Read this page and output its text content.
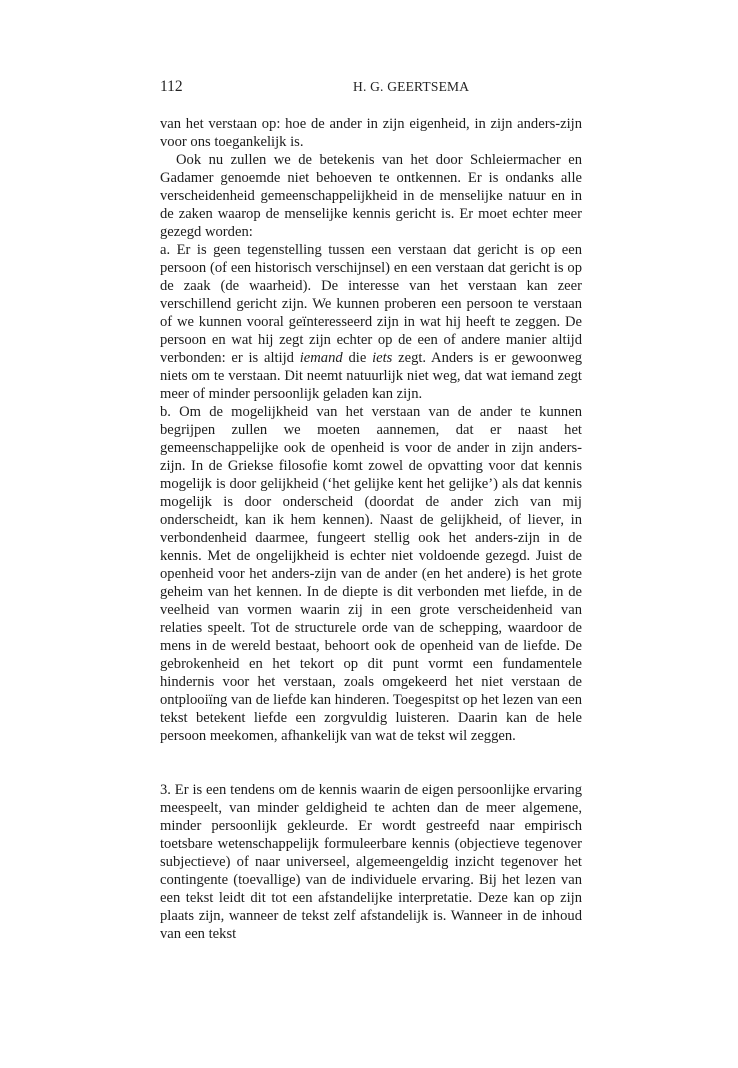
112	H. G. GEERTSEMA

van het verstaan op: hoe de ander in zijn eigenheid, in zijn anders-zijn voor ons toegankelijk is.

Ook nu zullen we de betekenis van het door Schleiermacher en Gadamer genoemde niet behoeven te ontkennen. Er is ondanks alle verscheidenheid gemeenschappelijkheid in de menselijke natuur en in de zaken waarop de menselijke kennis gericht is. Er moet echter meer gezegd worden:

a. Er is geen tegenstelling tussen een verstaan dat gericht is op een persoon (of een historisch verschijnsel) en een verstaan dat gericht is op de zaak (de waarheid). De interesse van het verstaan kan zeer verschillend gericht zijn. We kunnen proberen een persoon te verstaan of we kunnen vooral geïnteresseerd zijn in wat hij heeft te zeggen. De persoon en wat hij zegt zijn echter op de een of andere manier altijd verbonden: er is altijd iemand die iets zegt. Anders is er gewoonweg niets om te verstaan. Dit neemt natuurlijk niet weg, dat wat iemand zegt meer of minder persoonlijk geladen kan zijn.

b. Om de mogelijkheid van het verstaan van de ander te kunnen begrijpen zullen we moeten aannemen, dat er naast het gemeenschappelijke ook de openheid is voor de ander in zijn anders-zijn. In de Griekse filosofie komt zowel de opvatting voor dat kennis mogelijk is door gelijkheid (‘het gelijke kent het gelijke’) als dat kennis mogelijk is door onderscheid (doordat de ander zich van mij onderscheidt, kan ik hem kennen). Naast de gelijkheid, of liever, in verbondenheid daarmee, fungeert stellig ook het anders-zijn in de kennis. Met de ongelijkheid is echter niet voldoende gezegd. Juist de openheid voor het anders-zijn van de ander (en het andere) is het grote geheim van het kennen. In de diepte is dit verbonden met liefde, in de veelheid van vormen waarin zij in een grote verscheidenheid van relaties speelt. Tot de structurele orde van de schepping, waardoor de mens in de wereld bestaat, behoort ook de openheid van de liefde. De gebrokenheid en het tekort op dit punt vormt een fundamentele hindernis voor het verstaan, zoals omgekeerd het niet verstaan de ontplooiïng van de liefde kan hinderen. Toegespitst op het lezen van een tekst betekent liefde een zorgvuldig luisteren. Daarin kan de hele persoon meekomen, afhankelijk van wat de tekst wil zeggen.

3. Er is een tendens om de kennis waarin de eigen persoonlijke ervaring meespeelt, van minder geldigheid te achten dan de meer algemene, minder persoonlijk gekleurde. Er wordt gestreefd naar empirisch toetsbare wetenschappelijk formuleerbare kennis (objectieve tegenover subjectieve) of naar universeel, algemeengeldig inzicht tegenover het contingente (toevallige) van de individuele ervaring. Bij het lezen van een tekst leidt dit tot een afstandelijke interpretatie. Deze kan op zijn plaats zijn, wanneer de tekst zelf afstandelijk is. Wanneer in de inhoud van een tekst
